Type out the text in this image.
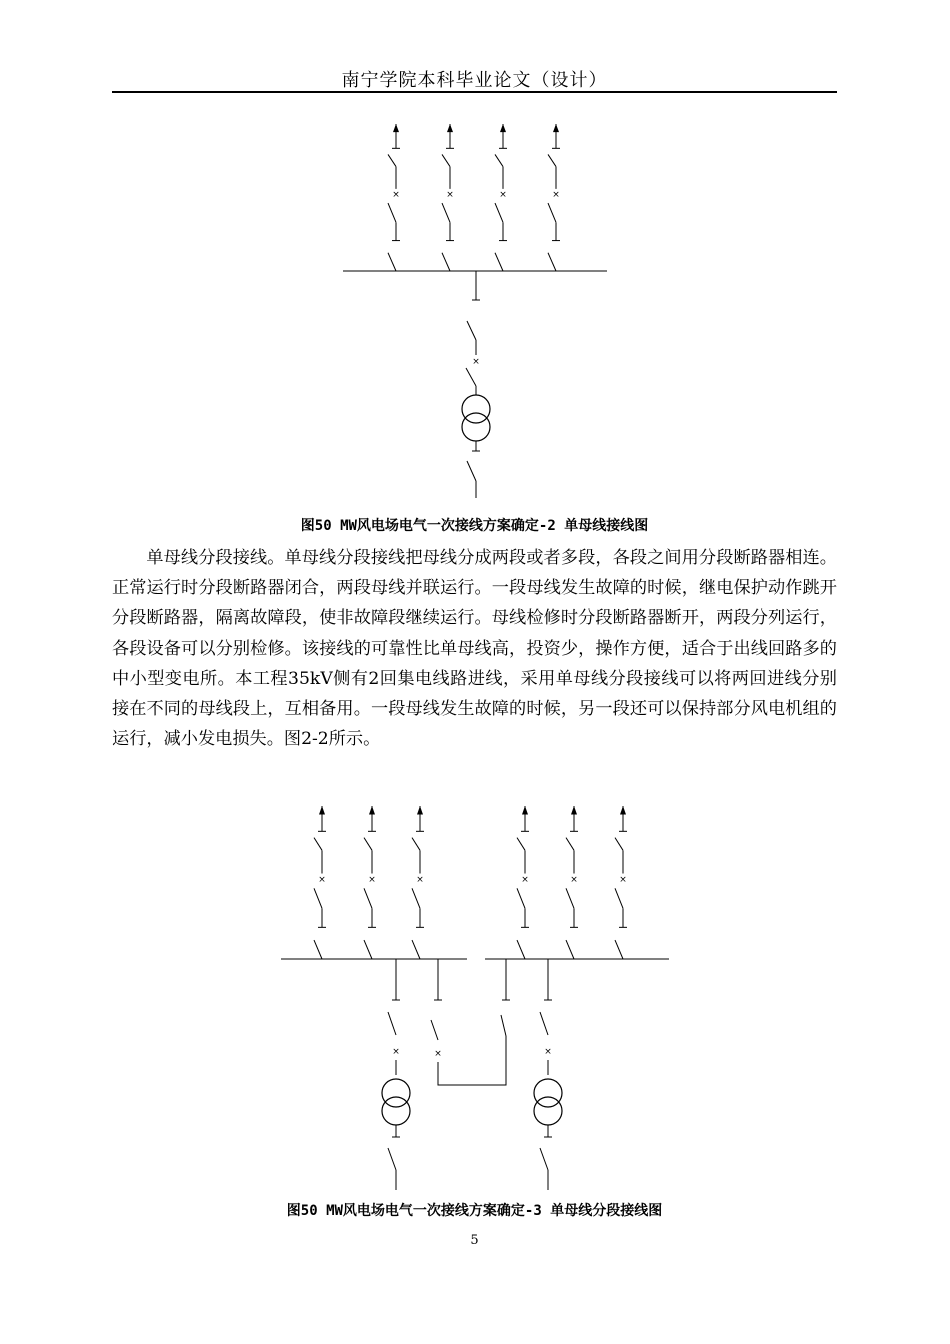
南宁学院本科毕业论文（设计）
×	×	×	×
×
图50 MW风电场电气一次接线方案确定-2 单母线接线图

单母线分段接线。单母线分段接线把母线分成两段或者多段，各段之间用分段断路器相连。正常运行时分段断路器闭合，两段母线并联运行。一段母线发生故障的时候，继电保护动作跳开分段断路器，隔离故障段，使非故障段继续运行。母线检修时分段断路器断开，两段分列运行，各段设备可以分别检修。该接线的可靠性比单母线高，投资少，操作方便，适合于出线回路多的中小型变电所。本工程35kV侧有2回集电线路进线，采用单母线分段接线可以将两回进线分别接在不同的母线段上，互相备用。一段母线发生故障的时候，另一段还可以保持部分风电机组的运行，减小发电损失。图2-2所示。

×	×	×	×	×	×
×
×	×
图50 MW风电场电气一次接线方案确定-3 单母线分段接线图
5
